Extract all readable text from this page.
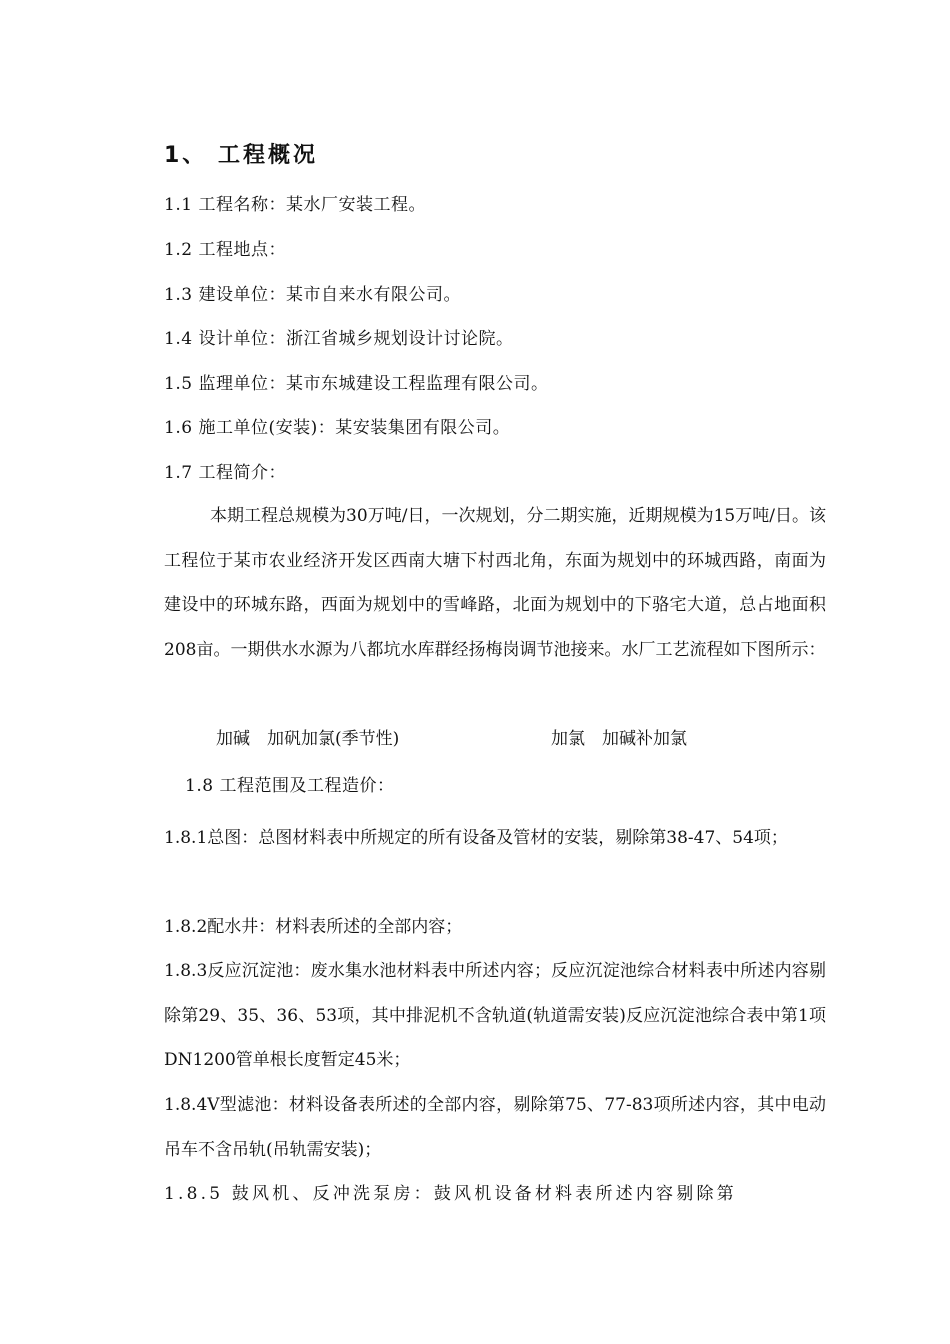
1、 工程概况
1.1 工程名称：某水厂安装工程。
1.2 工程地点：
1.3 建设单位：某市自来水有限公司。
1.4 设计单位：浙江省城乡规划设计讨论院。
1.5 监理单位：某市东城建设工程监理有限公司。
1.6 施工单位(安装)：某安装集团有限公司。
1.7 工程简介：
本期工程总规模为30万吨/日，一次规划，分二期实施，近期规模为15万吨/日。该工程位于某市农业经济开发区西南大塘下村西北角，东面为规划中的环城西路，南面为建设中的环城东路，西面为规划中的雪峰路，北面为规划中的下骆宅大道，总占地面积208亩。一期供水水源为八都坑水库群经扬梅岗调节池接来。水厂工艺流程如下图所示：
加碱　加矾加氯(季节性)	加氯　加碱补加氯
1.8 工程范围及工程造价：
1.8.1总图：总图材料表中所规定的所有设备及管材的安装，剔除第38-47、54项；
1.8.2配水井：材料表所述的全部内容；
1.8.3反应沉淀池：废水集水池材料表中所述内容；反应沉淀池综合材料表中所述内容剔除第29、35、36、53项，其中排泥机不含轨道(轨道需安装)反应沉淀池综合表中第1项DN1200管单根长度暂定45米；
1.8.4V型滤池：材料设备表所述的全部内容，剔除第75、77-83项所述内容，其中电动吊车不含吊轨(吊轨需安装)；
1.8.5 鼓风机、反冲洗泵房：鼓风机设备材料表所述内容剔除第
